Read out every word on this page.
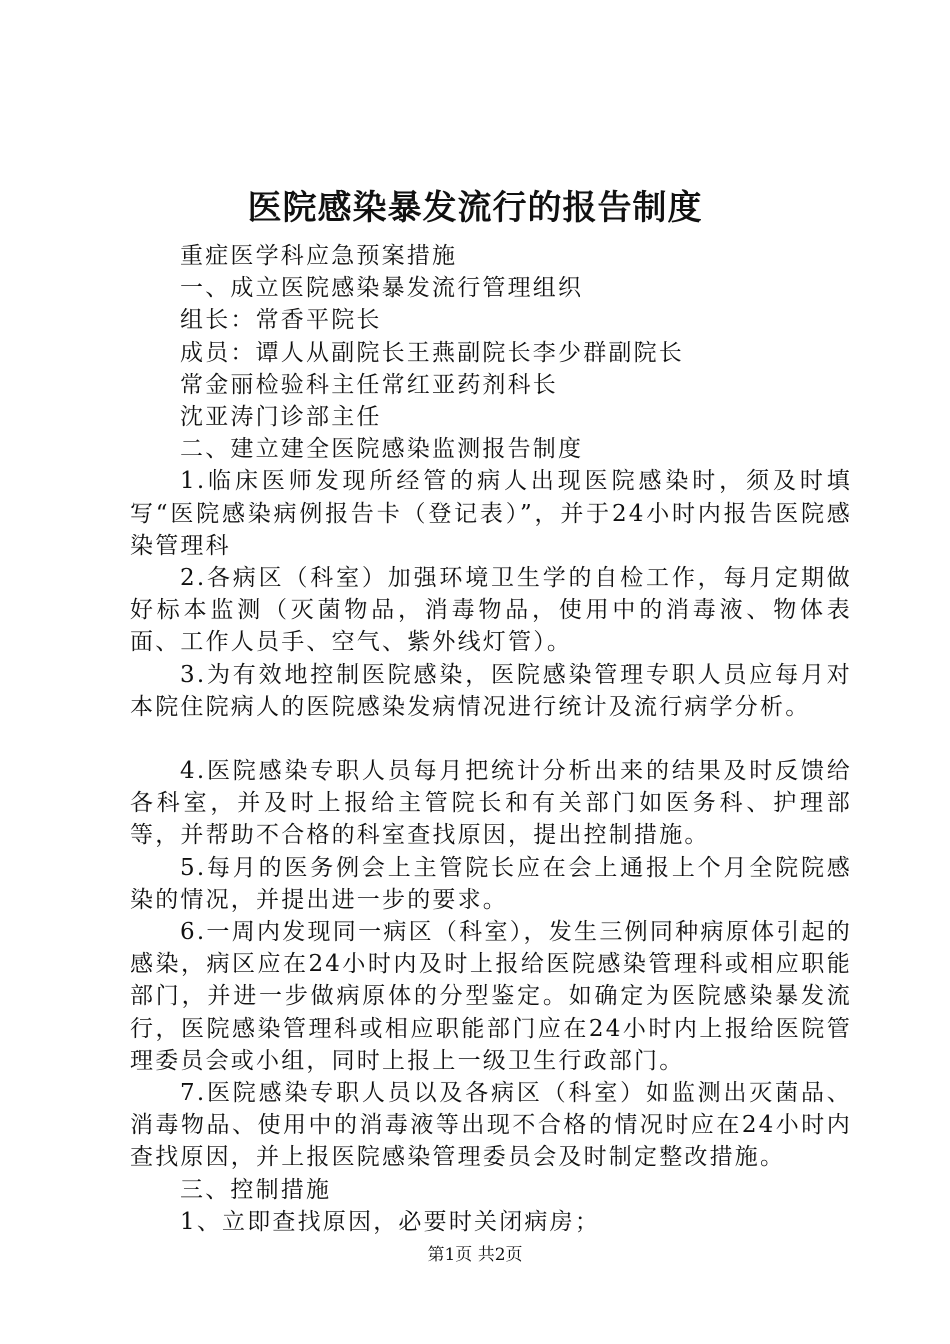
医院感染暴发流行的报告制度

重症医学科应急预案措施

一、成立医院感染暴发流行管理组织

组长：常香平院长

成员：谭人从副院长王燕副院长李少群副院长

常金丽检验科主任常红亚药剂科长

沈亚涛门诊部主任

二、建立建全医院感染监测报告制度

1.临床医师发现所经管的病人出现医院感染时，须及时填写“医院感染病例报告卡（登记表）”，并于24小时内报告医院感染管理科

2.各病区（科室）加强环境卫生学的自检工作，每月定期做好标本监测（灭菌物品，消毒物品，使用中的消毒液、物体表面、工作人员手、空气、紫外线灯管）。

3.为有效地控制医院感染，医院感染管理专职人员应每月对本院住院病人的医院感染发病情况进行统计及流行病学分析。

4.医院感染专职人员每月把统计分析出来的结果及时反馈给各科室，并及时上报给主管院长和有关部门如医务科、护理部等，并帮助不合格的科室查找原因，提出控制措施。

5.每月的医务例会上主管院长应在会上通报上个月全院院感染的情况，并提出进一步的要求。

6.一周内发现同一病区（科室），发生三例同种病原体引起的感染，病区应在24小时内及时上报给医院感染管理科或相应职能部门，并进一步做病原体的分型鉴定。如确定为医院感染暴发流行，医院感染管理科或相应职能部门应在24小时内上报给医院管理委员会或小组，同时上报上一级卫生行政部门。

7.医院感染专职人员以及各病区（科室）如监测出灭菌品、消毒物品、使用中的消毒液等出现不合格的情况时应在24小时内查找原因，并上报医院感染管理委员会及时制定整改措施。

三、控制措施

1、立即查找原因，必要时关闭病房；

第1页 共2页
